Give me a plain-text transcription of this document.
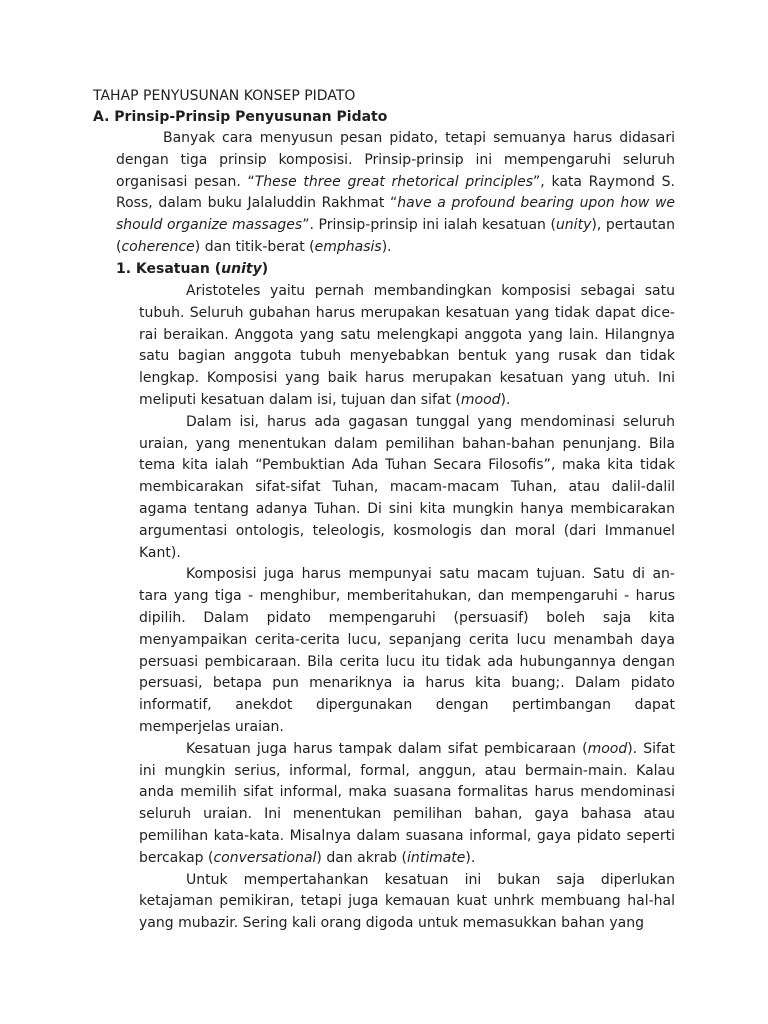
TAHAP PENYUSUNAN KONSEP PIDATO
A. Prinsip-Prinsip Penyusunan Pidato

Banyak cara menyusun pesan pidato, tetapi semuanya harus didasari dengan tiga prinsip komposisi. Prinsip-prinsip ini mempengaruhi seluruh organisasi pesan. “These three great rhetorical principles”, kata Raymond S. Ross, dalam buku Jalaluddin Rakhmat “have a profound bearing upon how we should organize massages”. Prinsip-prinsip ini ialah kesatuan (unity), pertautan (coherence) dan titik-berat (emphasis).

1. Kesatuan (unity)

Aristoteles yaitu pernah membandingkan komposisi sebagai satu tubuh. Seluruh gubahan harus merupakan kesatuan yang tidak dapat dice-rai beraikan. Anggota yang satu melengkapi anggota yang lain. Hilangnya satu bagian anggota tubuh menyebabkan bentuk yang rusak dan tidak lengkap. Komposisi yang baik harus merupakan kesatuan yang utuh. Ini meliputi kesatuan dalam isi, tujuan dan sifat (mood).

Dalam isi, harus ada gagasan tunggal yang mendominasi seluruh uraian, yang menentukan dalam pemilihan bahan-bahan penunjang. Bila tema kita ialah “Pembuktian Ada Tuhan Secara Filosofis”, maka kita tidak membicarakan sifat-sifat Tuhan, macam-macam Tuhan, atau dalil-dalil agama tentang adanya Tuhan. Di sini kita mungkin hanya membicarakan argumentasi ontologis, teleologis, kosmologis dan moral (dari Immanuel Kant).

Komposisi juga harus mempunyai satu macam tujuan. Satu di an-tara yang tiga - menghibur, memberitahukan, dan mempengaruhi - harus dipilih. Dalam pidato mempengaruhi (persuasif) boleh saja kita menyampaikan cerita-cerita lucu, sepanjang cerita lucu menambah daya persuasi pembicaraan. Bila cerita lucu itu tidak ada hubungannya dengan persuasi, betapa pun menariknya ia harus kita buang;. Dalam pidato informatif, anekdot dipergunakan dengan pertimbangan dapat memperjelas uraian.

Kesatuan juga harus tampak dalam sifat pembicaraan (mood). Sifat ini mungkin serius, informal, formal, anggun, atau bermain-main. Kalau anda memilih sifat informal, maka suasana formalitas harus mendominasi seluruh uraian. Ini menentukan pemilihan bahan, gaya bahasa atau pemilihan kata-kata. Misalnya dalam suasana informal, gaya pidato seperti bercakap (conversational) dan akrab (intimate).

Untuk mempertahankan kesatuan ini bukan saja diperlukan ketajaman pemikiran, tetapi juga kemauan kuat unhrk membuang hal-hal yang mubazir. Sering kali orang digoda untuk memasukkan bahan yang
